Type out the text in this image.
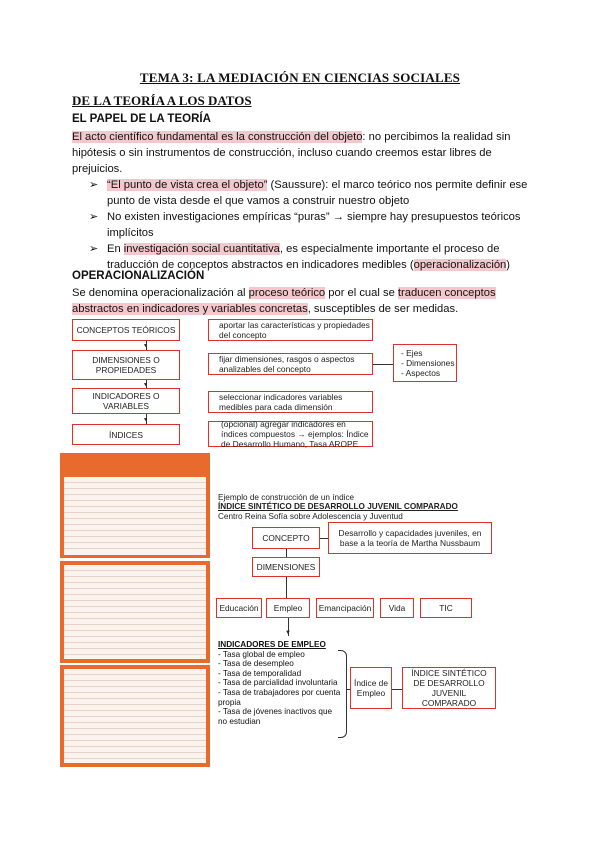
TEMA 3: LA MEDIACIÓN EN CIENCIAS SOCIALES
DE LA TEORÍA A LOS DATOS
EL PAPEL DE LA TEORÍA
El acto científico fundamental es la construcción del objeto: no percibimos la realidad sin
hipótesis o sin instrumentos de construcción, incluso cuando creemos estar libres de
prejuicios.
➢ “El punto de vista crea el objeto” (Saussure): el marco teórico nos permite definir ese
punto de vista desde el que vamos a construir nuestro objeto
➢ No existen investigaciones empíricas “puras” → siempre hay presupuestos teóricos
implícitos
➢ En investigación social cuantitativa, es especialmente importante el proceso de
traducción de conceptos abstractos en indicadores medibles (operacionalización)
OPERACIONALIZACIÓN
Se denomina operacionalización al proceso teórico por el cual se traducen conceptos
abstractos en indicadores y variables concretas, susceptibles de ser medidas.
CONCEPTOS TEÓRICOS	aportar las características y propiedades del concepto
▼
DIMENSIONES O PROPIEDADES
fijar dimensiones, rasgos o aspectos analizables del concepto
- Ejes
- Dimensiones
- Aspectos
▼
INDICADORES O VARIABLES
seleccionar indicadores variables medibles para cada dimensión
▼
ÍNDICES
(opcional) agregar indicadores en índices compuestos → ejemplos: Índice de Desarrollo Humano, Tasa AROPE
Ejemplo de construcción de un índice
ÍNDICE SINTÉTICO DE DESARROLLO JUVENIL COMPARADO
Centro Reina Sofía sobre Adolescencia y Juventud
CONCEPTO	Desarrollo y capacidades juveniles, en base a la teoría de Martha Nussbaum
DIMENSIONES
Educación	Empleo	Emancipación	Vida	TIC
▼
INDICADORES DE EMPLEO
- Tasa global de empleo
- Tasa de desempleo
- Tasa de temporalidad
- Tasa de parcialidad involuntaria
- Tasa de trabajadores por cuenta propia
- Tasa de jóvenes inactivos que no estudian
Índice de Empleo
ÍNDICE SINTÉTICO DE DESARROLLO JUVENIL COMPARADO
